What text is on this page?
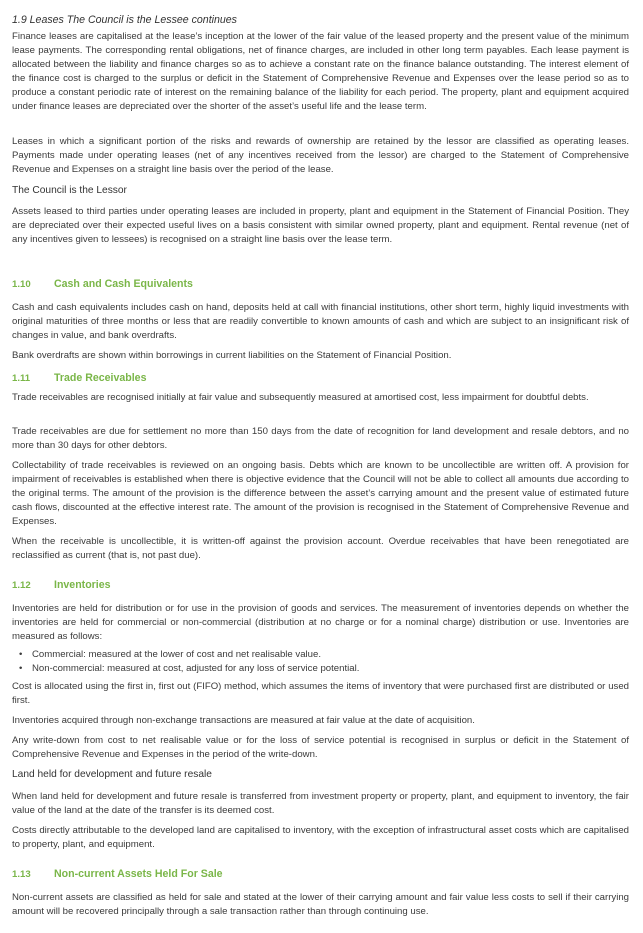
1.9 Leases The Council is the Lessee continues

Finance leases are capitalised at the lease’s inception at the lower of the fair value of the leased property and the present value of the minimum lease payments. The corresponding rental obligations, net of finance charges, are included in other long term payables. Each lease payment is allocated between the liability and finance charges so as to achieve a constant rate on the finance balance outstanding. The interest element of the finance cost is charged to the surplus or deficit in the Statement of Comprehensive Revenue and Expenses over the lease period so as to produce a constant periodic rate of interest on the remaining balance of the liability for each period. The property, plant and equipment acquired under finance leases are depreciated over the shorter of the asset’s useful life and the lease term.

Leases in which a significant portion of the risks and rewards of ownership are retained by the lessor are classified as operating leases. Payments made under operating leases (net of any incentives received from the lessor) are charged to the Statement of Comprehensive Revenue and Expenses on a straight line basis over the period of the lease.

The Council is the Lessor

Assets leased to third parties under operating leases are included in property, plant and equipment in the Statement of Financial Position. They are depreciated over their expected useful lives on a basis consistent with similar owned property, plant and equipment. Rental revenue (net of any incentives given to lessees) is recognised on a straight line basis over the lease term.

1.10	Cash and Cash Equivalents

Cash and cash equivalents includes cash on hand, deposits held at call with financial institutions, other short term, highly liquid investments with original maturities of three months or less that are readily convertible to known amounts of cash and which are subject to an insignificant risk of changes in value, and bank overdrafts.

Bank overdrafts are shown within borrowings in current liabilities on the Statement of Financial Position.

1.11	Trade Receivables

Trade receivables are recognised initially at fair value and subsequently measured at amortised cost, less impairment for doubtful debts.

Trade receivables are due for settlement no more than 150 days from the date of recognition for land development and resale debtors, and no more than 30 days for other debtors.

Collectability of trade receivables is reviewed on an ongoing basis. Debts which are known to be uncollectible are written off. A provision for impairment of receivables is established when there is objective evidence that the Council will not be able to collect all amounts due according to the original terms. The amount of the provision is the difference between the asset’s carrying amount and the present value of estimated future cash flows, discounted at the effective interest rate. The amount of the provision is recognised in the Statement of Comprehensive Revenue and Expenses.

When the receivable is uncollectible, it is written-off against the provision account. Overdue receivables that have been renegotiated are reclassified as current (that is, not past due).

1.12	Inventories

Inventories are held for distribution or for use in the provision of goods and services. The measurement of inventories depends on whether the inventories are held for commercial or non-commercial (distribution at no charge or for a nominal charge) distribution or use. Inventories are measured as follows:

• Commercial: measured at the lower of cost and net realisable value.
• Non-commercial: measured at cost, adjusted for any loss of service potential.

Cost is allocated using the first in, first out (FIFO) method, which assumes the items of inventory that were purchased first are distributed or used first.

Inventories acquired through non-exchange transactions are measured at fair value at the date of acquisition.

Any write-down from cost to net realisable value or for the loss of service potential is recognised in surplus or deficit in the Statement of Comprehensive Revenue and Expenses in the period of the write-down.

Land held for development and future resale

When land held for development and future resale is transferred from investment property or property, plant, and equipment to inventory, the fair value of the land at the date of the transfer is its deemed cost.

Costs directly attributable to the developed land are capitalised to inventory, with the exception of infrastructural asset costs which are capitalised to property, plant, and equipment.

1.13	Non-current Assets Held For Sale

Non-current assets are classified as held for sale and stated at the lower of their carrying amount and fair value less costs to sell if their carrying amount will be recovered principally through a sale transaction rather than through continuing use.
